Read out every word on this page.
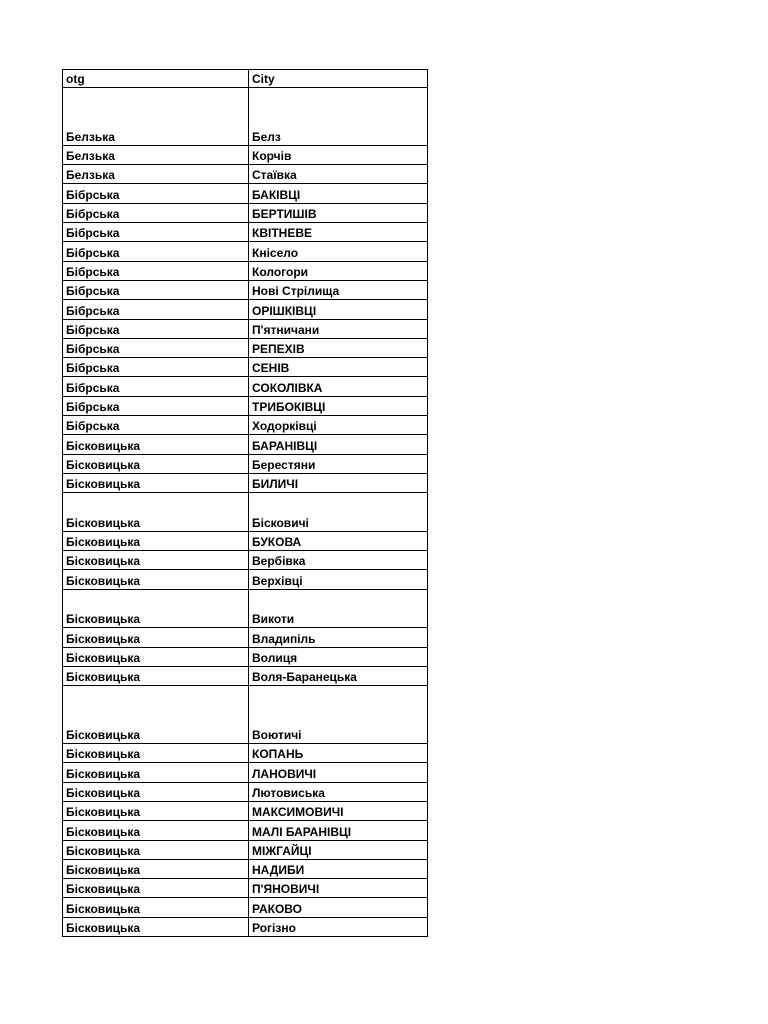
otg	City
Белзька	Белз
Белзька	Корчів
Белзька	Стаївка
Бібрська	БАКІВЦІ
Бібрська	БЕРТИШІВ
Бібрська	КВІТНЕВЕ
Бібрська	Кнісело
Бібрська	Кологори
Бібрська	Нові Стрілища
Бібрська	ОРІШКІВЦІ
Бібрська	П'ятничани
Бібрська	РЕПЕХІВ
Бібрська	СЕНІВ
Бібрська	СОКОЛІВКА
Бібрська	ТРИБОКІВЦІ
Бібрська	Ходорківці
Бісковицька	БАРАНІВЦІ
Бісковицька	Берестяни
Бісковицька	БИЛИЧІ
Бісковицька	Бісковичі
Бісковицька	БУКОВА
Бісковицька	Вербівка
Бісковицька	Верхівці
Бісковицька	Викоти
Бісковицька	Владипіль
Бісковицька	Волиця
Бісковицька	Воля-Баранецька
Бісковицька	Воютичі
Бісковицька	КОПАНЬ
Бісковицька	ЛАНОВИЧІ
Бісковицька	Лютовиська
Бісковицька	МАКСИМОВИЧІ
Бісковицька	МАЛІ БАРАНІВЦІ
Бісковицька	МІЖГАЙЦІ
Бісковицька	НАДИБИ
Бісковицька	П'ЯНОВИЧІ
Бісковицька	РАКОВО
Бісковицька	Рогізно
